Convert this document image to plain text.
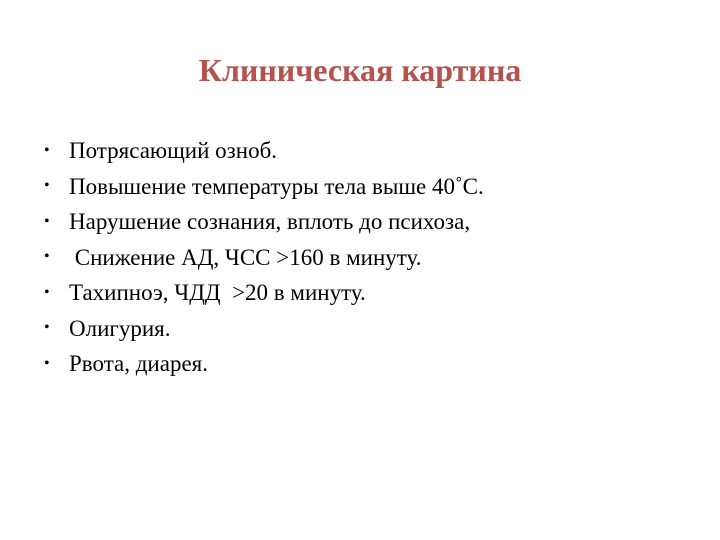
Клиническая картина
• Потрясающий озноб.
• Повышение температуры тела выше 40˚С.
• Нарушение сознания, вплоть до психоза,
• Снижение АД, ЧСС >160 в минуту.
• Тахипноэ, ЧДД  >20 в минуту.
• Олигурия.
• Рвота, диарея.
